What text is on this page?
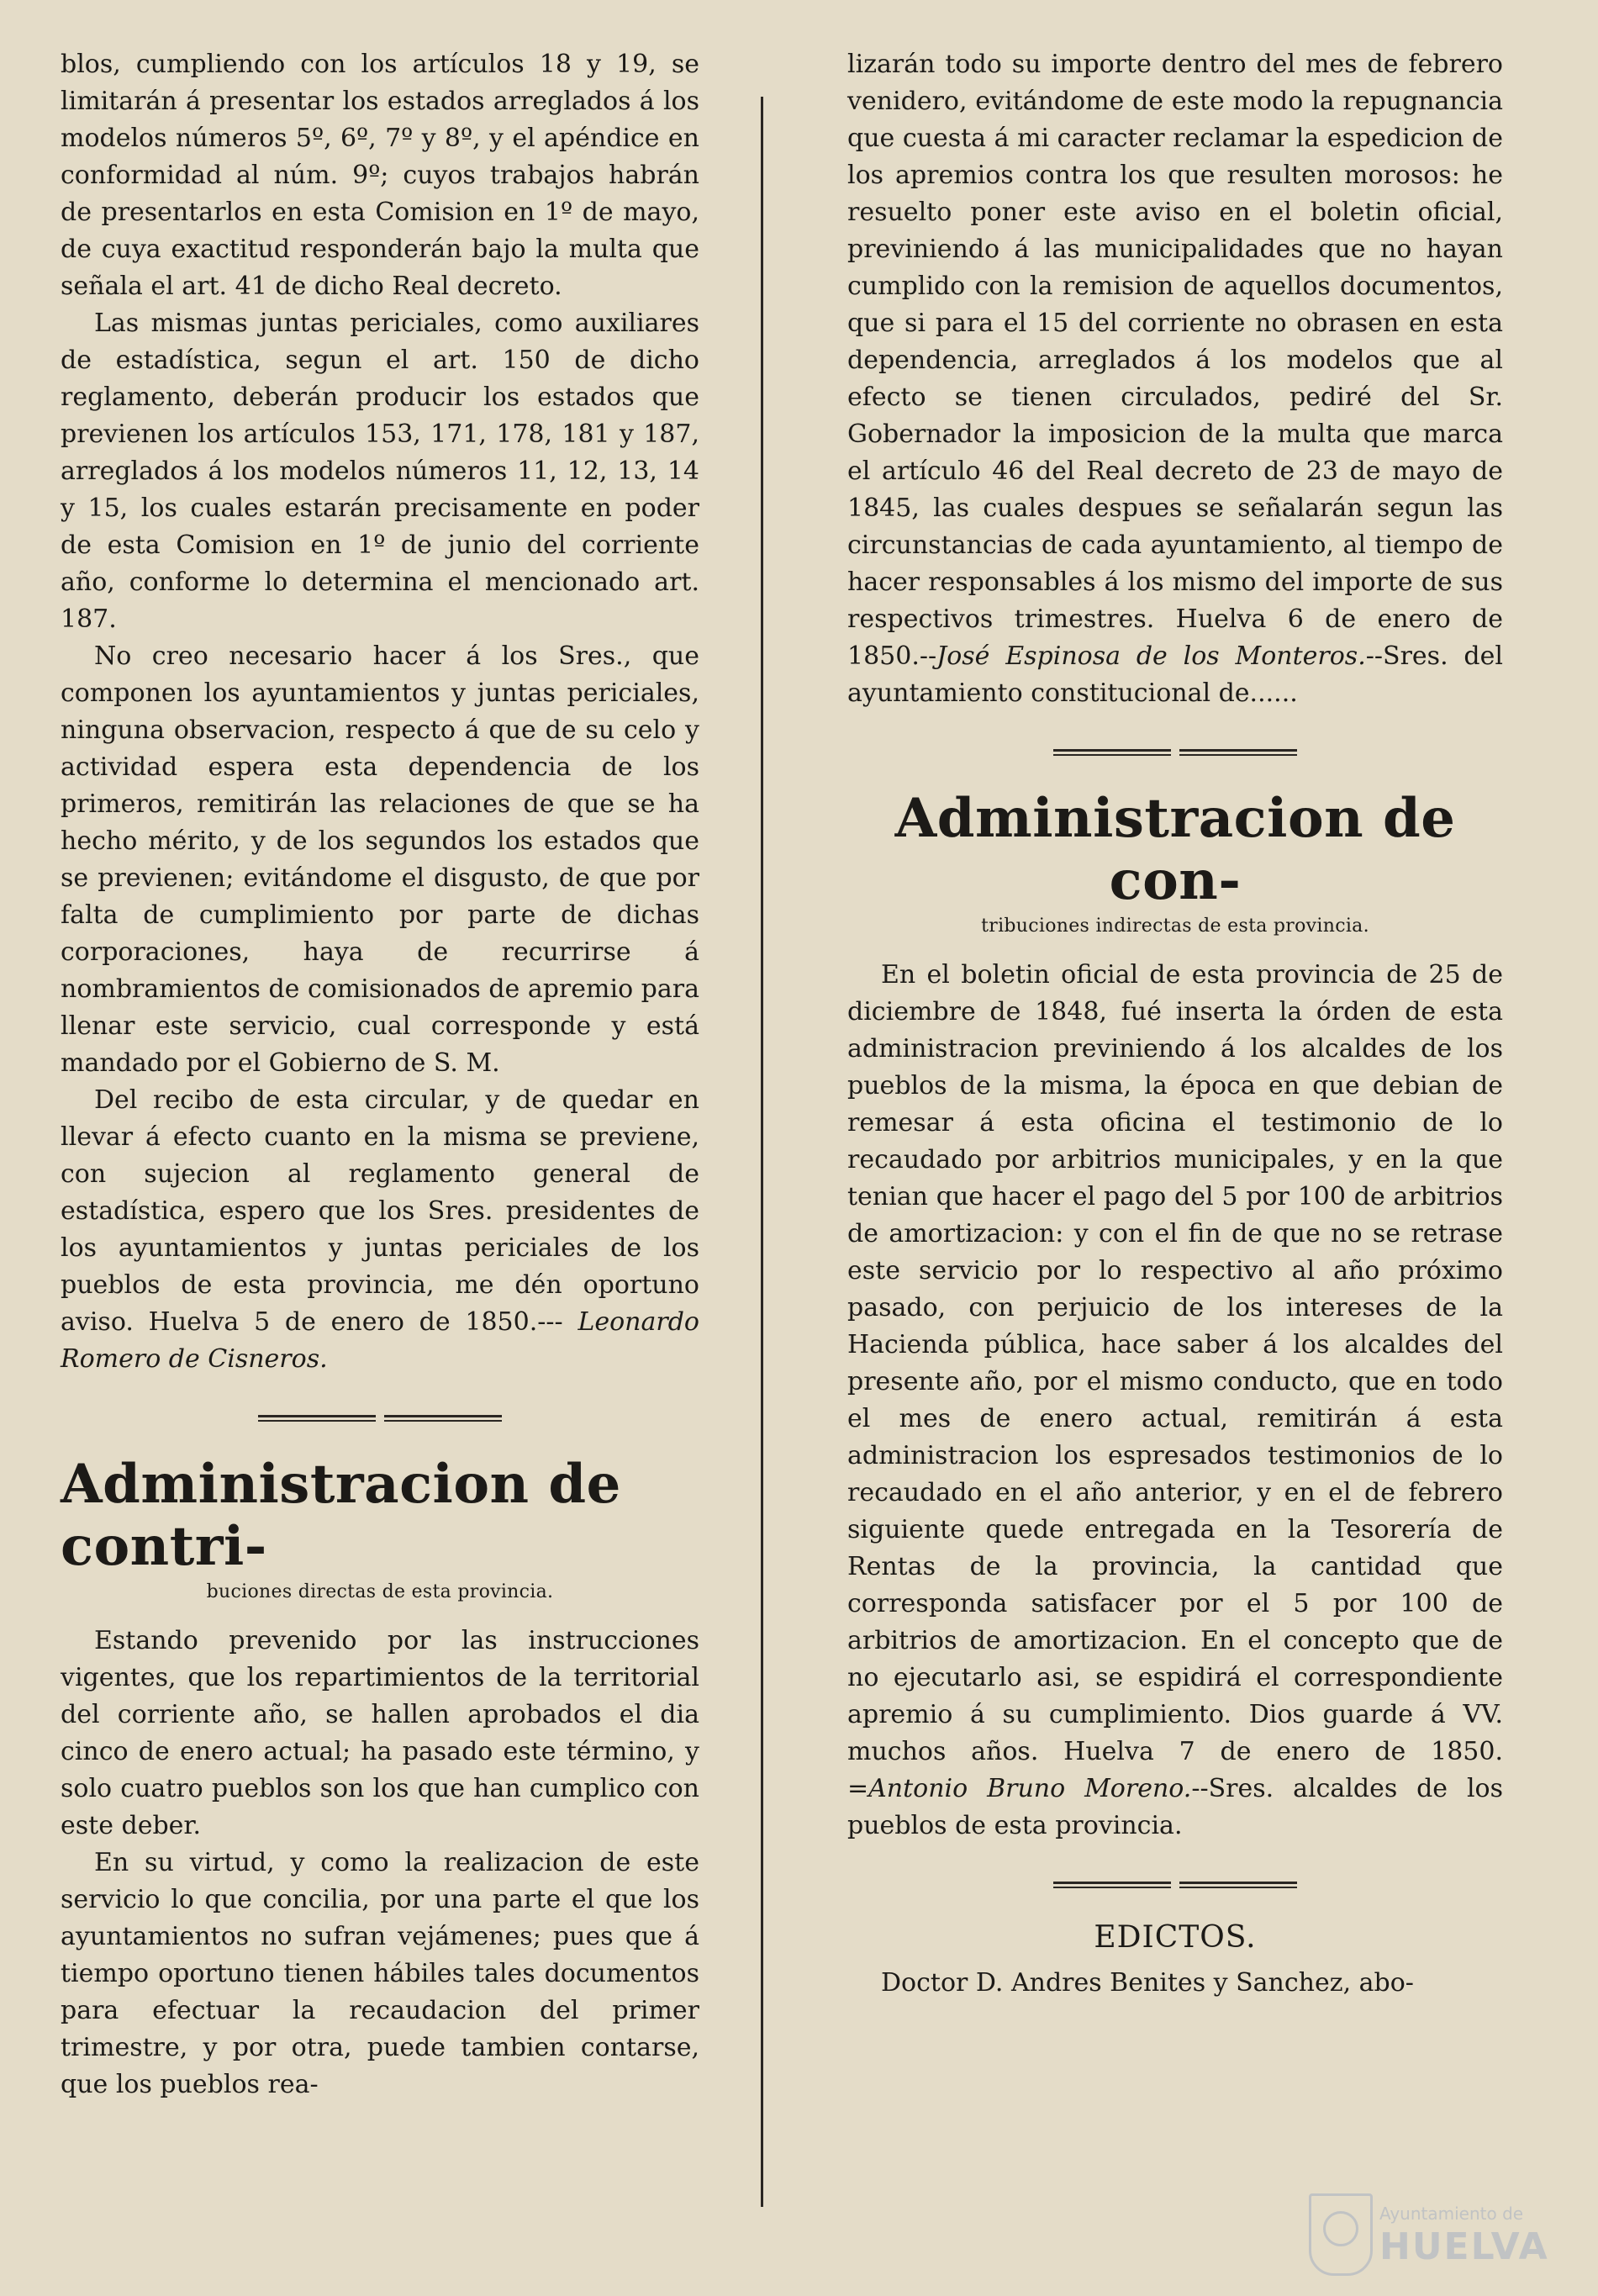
blos, cumpliendo con los artículos 18 y 19, se limitarán á presentar los estados arreglados á los modelos números 5º, 6º, 7º y 8º, y el apéndice en conformidad al núm. 9º; cuyos trabajos habrán de presentarlos en esta Comision en 1º de mayo, de cuya exactitud responderán bajo la multa que señala el art. 41 de dicho Real decreto.

Las mismas juntas periciales, como auxiliares de estadística, segun el art. 150 de dicho reglamento, deberán producir los estados que previenen los artículos 153, 171, 178, 181 y 187, arreglados á los modelos números 11, 12, 13, 14 y 15, los cuales estarán precisamente en poder de esta Comision en 1º de junio del corriente año, conforme lo determina el mencionado art. 187.

No creo necesario hacer á los Sres., que componen los ayuntamientos y juntas periciales, ninguna observacion, respecto á que de su celo y actividad espera esta dependencia de los primeros, remitirán las relaciones de que se ha hecho mérito, y de los segundos los estados que se previenen; evitándome el disgusto, de que por falta de cumplimiento por parte de dichas corporaciones, haya de recurrirse á nombramientos de comisionados de apremio para llenar este servicio, cual corresponde y está mandado por el Gobierno de S. M.

Del recibo de esta circular, y de quedar en llevar á efecto cuanto en la misma se previene, con sujecion al reglamento general de estadística, espero que los Sres. presidentes de los ayuntamientos y juntas periciales de los pueblos de esta provincia, me dén oportuno aviso. Huelva 5 de enero de 1850.--- Leonardo Romero de Cisneros.

Administracion de contri-
buciones directas de esta provincia.

Estando prevenido por las instrucciones vigentes, que los repartimientos de la territorial del corriente año, se hallen aprobados el dia cinco de enero actual; ha pasado este término, y solo cuatro pueblos son los que han cumplico con este deber.

En su virtud, y como la realizacion de este servicio lo que concilia, por una parte el que los ayuntamientos no sufran vejámenes; pues que á tiempo oportuno tienen hábiles tales documentos para efectuar la recaudacion del primer trimestre, y por otra, puede tambien contarse, que los pueblos rea-

lizarán todo su importe dentro del mes de febrero venidero, evitándome de este modo la repugnancia que cuesta á mi caracter reclamar la espedicion de los apremios contra los que resulten morosos: he resuelto poner este aviso en el boletin oficial, previniendo á las municipalidades que no hayan cumplido con la remision de aquellos documentos, que si para el 15 del corriente no obrasen en esta dependencia, arreglados á los modelos que al efecto se tienen circulados, pediré del Sr. Gobernador la imposicion de la multa que marca el artículo 46 del Real decreto de 23 de mayo de 1845, las cuales despues se señalarán segun las circunstancias de cada ayuntamiento, al tiempo de hacer responsables á los mismo del importe de sus respectivos trimestres. Huelva 6 de enero de 1850.--José Espinosa de los Monteros.--Sres. del ayuntamiento constitucional de......

Administracion de con-
tribuciones indirectas de esta provincia.

En el boletin oficial de esta provincia de 25 de diciembre de 1848, fué inserta la órden de esta administracion previniendo á los alcaldes de los pueblos de la misma, la época en que debian de remesar á esta oficina el testimonio de lo recaudado por arbitrios municipales, y en la que tenian que hacer el pago del 5 por 100 de arbitrios de amortizacion: y con el fin de que no se retrase este servicio por lo respectivo al año próximo pasado, con perjuicio de los intereses de la Hacienda pública, hace saber á los alcaldes del presente año, por el mismo conducto, que en todo el mes de enero actual, remitirán á esta administracion los espresados testimonios de lo recaudado en el año anterior, y en el de febrero siguiente quede entregada en la Tesorería de Rentas de la provincia, la cantidad que corresponda satisfacer por el 5 por 100 de arbitrios de amortizacion. En el concepto que de no ejecutarlo asi, se espidirá el correspondiente apremio á su cumplimiento. Dios guarde á VV. muchos años. Huelva 7 de enero de 1850. =Antonio Bruno Moreno.--Sres. alcaldes de los pueblos de esta provincia.

EDICTOS.

Doctor D. Andres Benites y Sanchez, abo-

Ayuntamiento de
HUELVA
